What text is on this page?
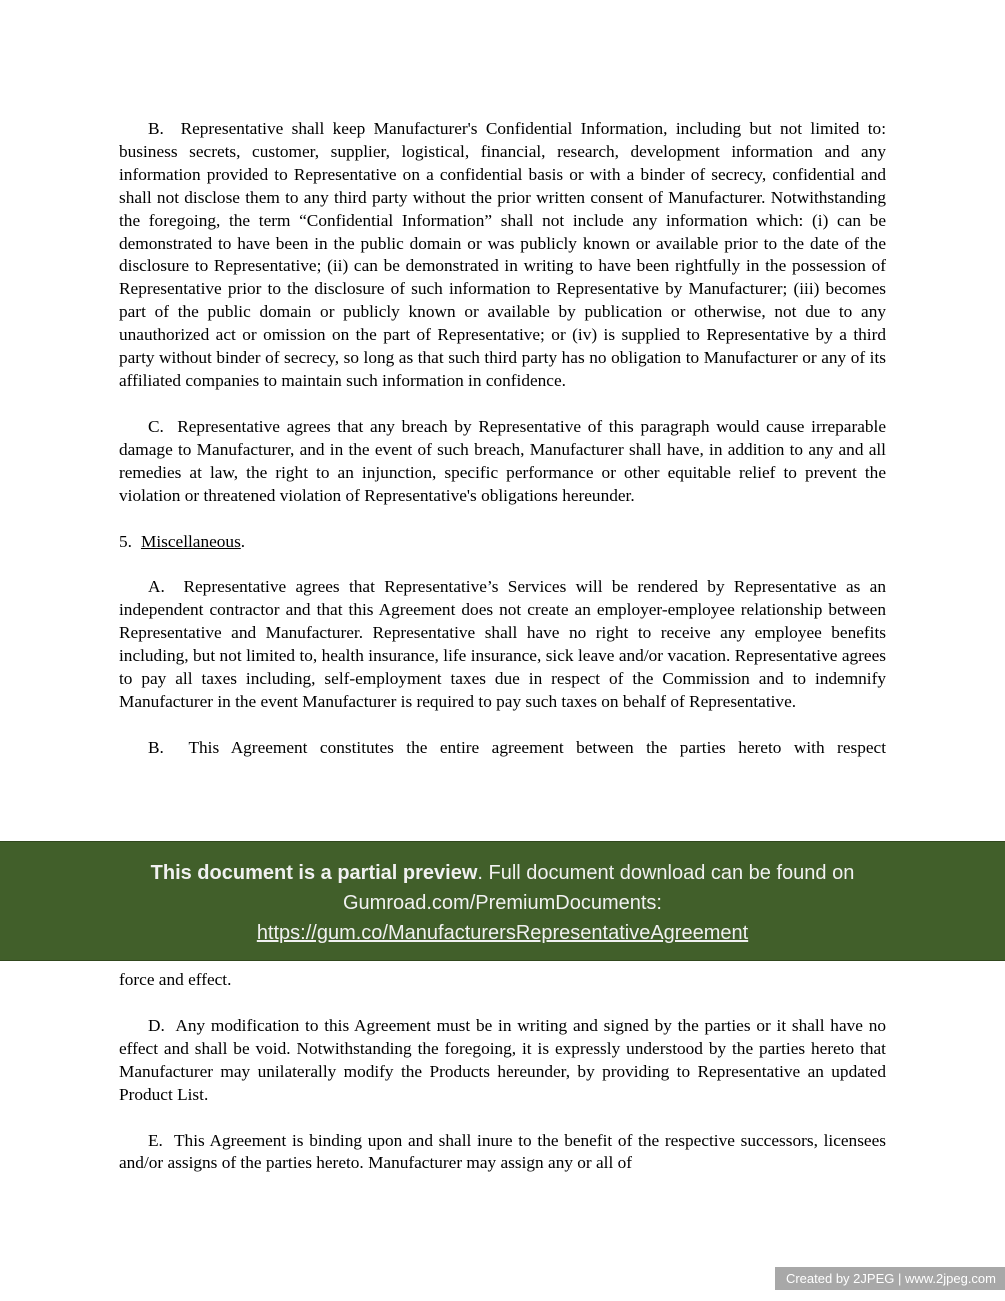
B.  Representative shall keep Manufacturer's Confidential Information, including but not limited to: business secrets, customer, supplier, logistical, financial, research, development information and any information provided to Representative on a confidential basis or with a binder of secrecy, confidential and shall not disclose them to any third party without the prior written consent of Manufacturer. Notwithstanding the foregoing, the term “Confidential Information” shall not include any information which: (i) can be demonstrated to have been in the public domain or was publicly known or available prior to the date of the disclosure to Representative; (ii) can be demonstrated in writing to have been rightfully in the possession of Representative prior to the disclosure of such information to Representative by Manufacturer; (iii) becomes part of the public domain or publicly known or available by publication or otherwise, not due to any unauthorized act or omission on the part of Representative; or (iv) is supplied to Representative by a third party without binder of secrecy, so long as that such third party has no obligation to Manufacturer or any of its affiliated companies to maintain such information in confidence.

C.  Representative agrees that any breach by Representative of this paragraph would cause irreparable damage to Manufacturer, and in the event of such breach, Manufacturer shall have, in addition to any and all remedies at law, the right to an injunction, specific performance or other equitable relief to prevent the violation or threatened violation of Representative's obligations hereunder.

5. Miscellaneous.

A.  Representative agrees that Representative’s Services will be rendered by Representative as an independent contractor and that this Agreement does not create an employer-employee relationship between Representative and Manufacturer. Representative shall have no right to receive any employee benefits including, but not limited to, health insurance, life insurance, sick leave and/or vacation. Representative agrees to pay all taxes including, self-employment taxes due in respect of the Commission and to indemnify Manufacturer in the event Manufacturer is required to pay such taxes on behalf of Representative.

B.  This Agreement constitutes the entire agreement between the parties hereto with respect

This document is a partial preview. Full document download can be found on
Gumroad.com/PremiumDocuments:
https://gum.co/ManufacturersRepresentativeAgreement

force and effect.

D.  Any modification to this Agreement must be in writing and signed by the parties or it shall have no effect and shall be void. Notwithstanding the foregoing, it is expressly understood by the parties hereto that Manufacturer may unilaterally modify the Products hereunder, by providing to Representative an updated Product List.

E.  This Agreement is binding upon and shall inure to the benefit of the respective successors, licensees and/or assigns of the parties hereto. Manufacturer may assign any or all of

Created by 2JPEG | www.2jpeg.com
